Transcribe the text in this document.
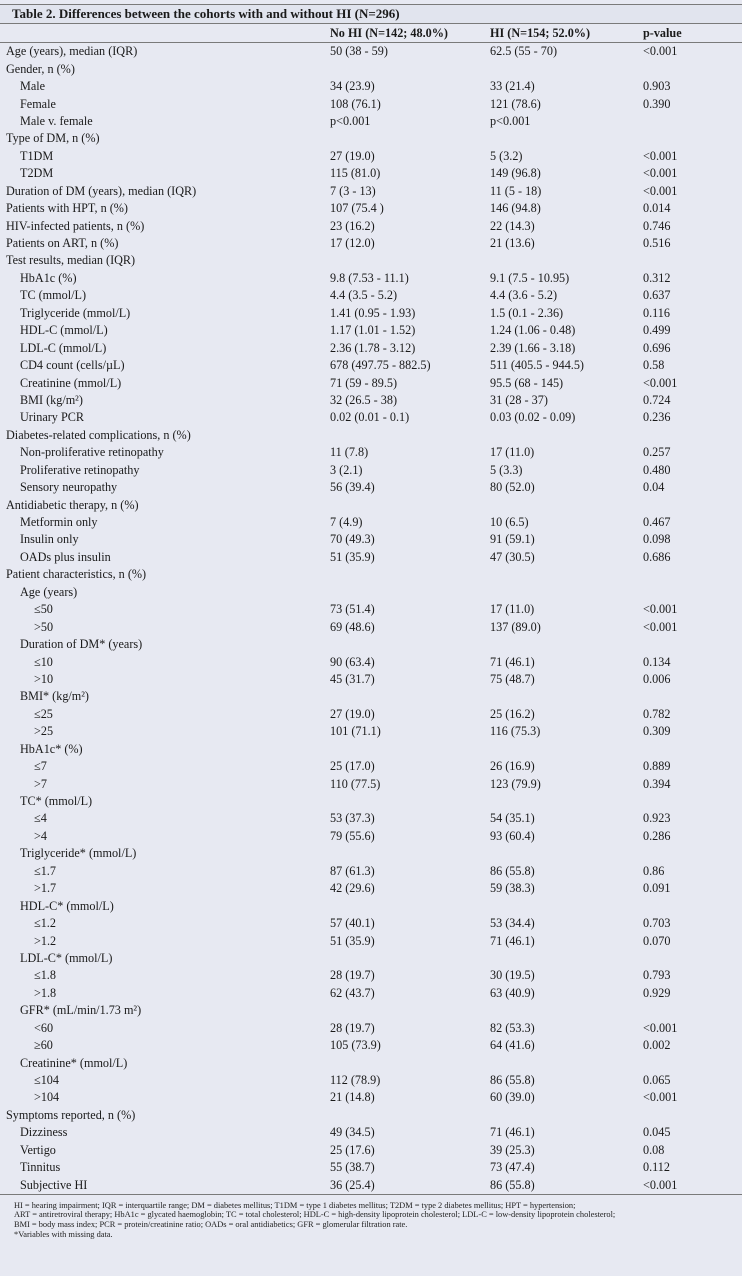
Table 2. Differences between the cohorts with and without HI (N=296)
	No HI (N=142; 48.0%)	HI (N=154; 52.0%)	p-value
Age (years), median (IQR)	50 (38 - 59)	62.5 (55 - 70)	<0.001
Gender, n (%)			
Male	34 (23.9)	33 (21.4)	0.903
Female	108 (76.1)	121 (78.6)	0.390
Male v. female	p<0.001	p<0.001	
Type of DM, n (%)			
T1DM	27 (19.0)	5 (3.2)	<0.001
T2DM	115 (81.0)	149 (96.8)	<0.001
Duration of DM (years), median (IQR)	7 (3 - 13)	11 (5 - 18)	<0.001
Patients with HPT, n (%)	107 (75.4 )	146 (94.8)	0.014
HIV-infected patients, n (%)	23 (16.2)	22 (14.3)	0.746
Patients on ART, n (%)	17 (12.0)	21 (13.6)	0.516
Test results, median (IQR)			
HbA1c (%)	9.8 (7.53 - 11.1)	9.1 (7.5 - 10.95)	0.312
TC (mmol/L)	4.4 (3.5 - 5.2)	4.4 (3.6 - 5.2)	0.637
Triglyceride (mmol/L)	1.41 (0.95 - 1.93)	1.5 (0.1 - 2.36)	0.116
HDL-C (mmol/L)	1.17 (1.01 - 1.52)	1.24 (1.06 - 0.48)	0.499
LDL-C (mmol/L)	2.36 (1.78 - 3.12)	2.39 (1.66 - 3.18)	0.696
CD4 count (cells/µL)	678 (497.75 - 882.5)	511 (405.5 - 944.5)	0.58
Creatinine (mmol/L)	71 (59 - 89.5)	95.5 (68 - 145)	<0.001
BMI (kg/m²)	32 (26.5 - 38)	31 (28 - 37)	0.724
Urinary PCR	0.02 (0.01 - 0.1)	0.03 (0.02 - 0.09)	0.236
Diabetes-related complications, n (%)			
Non-proliferative retinopathy	11 (7.8)	17 (11.0)	0.257
Proliferative retinopathy	3 (2.1)	5 (3.3)	0.480
Sensory neuropathy	56 (39.4)	80 (52.0)	0.04
Antidiabetic therapy, n (%)			
Metformin only	7 (4.9)	10 (6.5)	0.467
Insulin only	70 (49.3)	91 (59.1)	0.098
OADs plus insulin	51 (35.9)	47 (30.5)	0.686
Patient characteristics, n (%)			
Age (years)			
≤50	73 (51.4)	17 (11.0)	<0.001
>50	69 (48.6)	137 (89.0)	<0.001
Duration of DM* (years)			
≤10	90 (63.4)	71 (46.1)	0.134
>10	45 (31.7)	75 (48.7)	0.006
BMI* (kg/m²)			
≤25	27 (19.0)	25 (16.2)	0.782
>25	101 (71.1)	116 (75.3)	0.309
HbA1c* (%)			
≤7	25 (17.0)	26 (16.9)	0.889
>7	110 (77.5)	123 (79.9)	0.394
TC* (mmol/L)			
≤4	53 (37.3)	54 (35.1)	0.923
>4	79 (55.6)	93 (60.4)	0.286
Triglyceride* (mmol/L)			
≤1.7	87 (61.3)	86 (55.8)	0.86
>1.7	42 (29.6)	59 (38.3)	0.091
HDL-C* (mmol/L)			
≤1.2	57 (40.1)	53 (34.4)	0.703
>1.2	51 (35.9)	71 (46.1)	0.070
LDL-C* (mmol/L)			
≤1.8	28 (19.7)	30 (19.5)	0.793
>1.8	62 (43.7)	63 (40.9)	0.929
GFR* (mL/min/1.73 m²)			
<60	28 (19.7)	82 (53.3)	<0.001
≥60	105 (73.9)	64 (41.6)	0.002
Creatinine* (mmol/L)			
≤104	112 (78.9)	86 (55.8)	0.065
>104	21 (14.8)	60 (39.0)	<0.001
Symptoms reported, n (%)			
Dizziness	49 (34.5)	71 (46.1)	0.045
Vertigo	25 (17.6)	39 (25.3)	0.08
Tinnitus	55 (38.7)	73 (47.4)	0.112
Subjective HI	36 (25.4)	86 (55.8)	<0.001
HI = hearing impairment; IQR = interquartile range; DM = diabetes mellitus; T1DM = type 1 diabetes mellitus; T2DM = type 2 diabetes mellitus; HPT = hypertension;
ART = antiretroviral therapy; HbA1c = glycated haemoglobin; TC = total cholesterol; HDL-C = high-density lipoprotein cholesterol; LDL-C = low-density lipoprotein cholesterol;
BMI = body mass index; PCR = protein/creatinine ratio; OADs = oral antidiabetics; GFR = glomerular filtration rate.
*Variables with missing data.
